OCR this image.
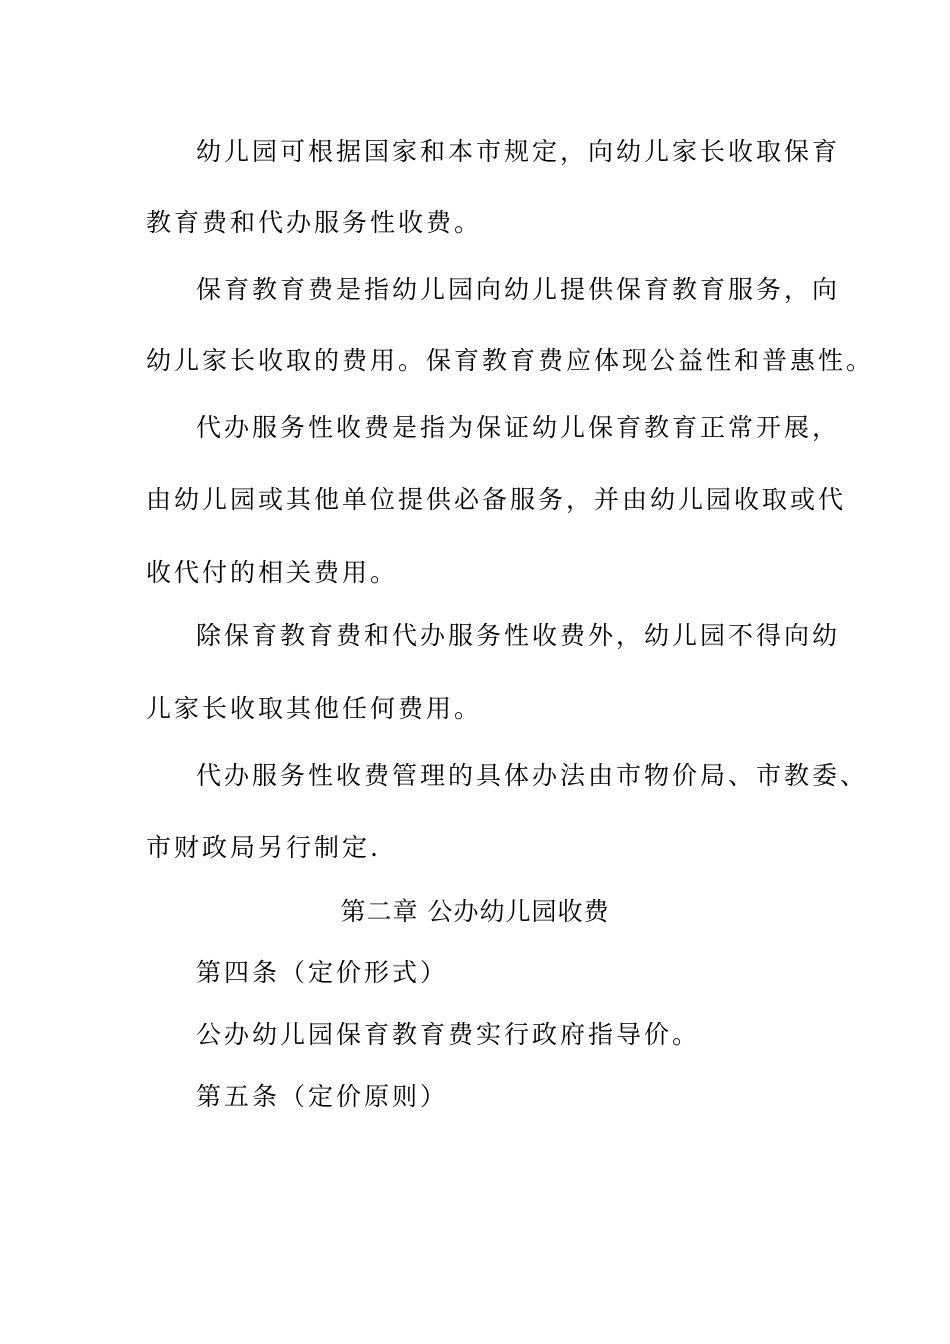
幼儿园可根据国家和本市规定，向幼儿家长收取保育
教育费和代办服务性收费。
保育教育费是指幼儿园向幼儿提供保育教育服务，向
幼儿家长收取的费用。保育教育费应体现公益性和普惠性。
代办服务性收费是指为保证幼儿保育教育正常开展，
由幼儿园或其他单位提供必备服务，并由幼儿园收取或代
收代付的相关费用。
除保育教育费和代办服务性收费外，幼儿园不得向幼
儿家长收取其他任何费用。
代办服务性收费管理的具体办法由市物价局、市教委、
市财政局另行制定.
第二章 公办幼儿园收费
第四条（定价形式）
公办幼儿园保育教育费实行政府指导价。
第五条（定价原则）
